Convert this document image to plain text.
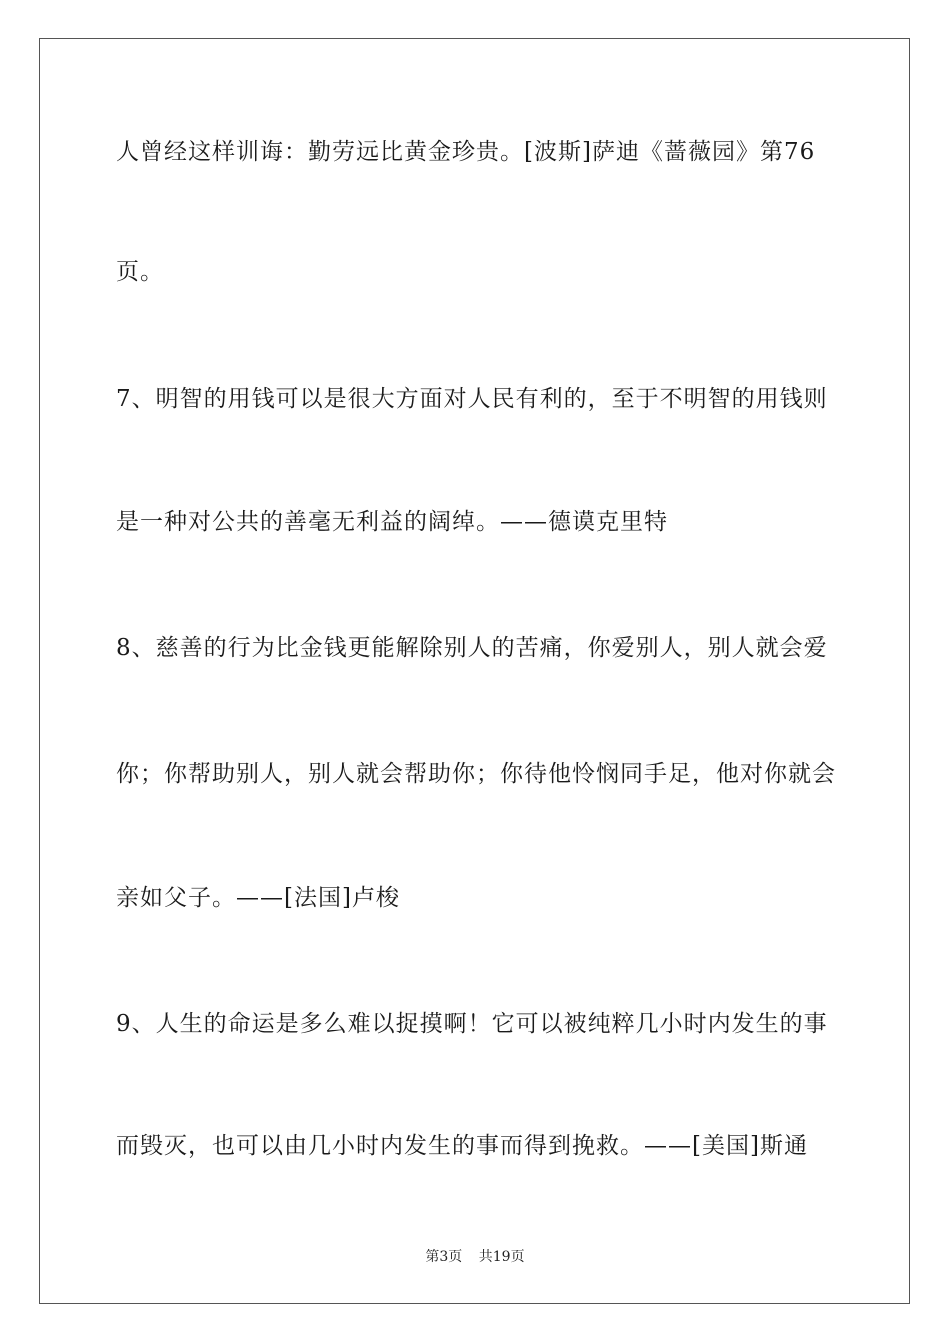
人曾经这样训诲：勤劳远比黄金珍贵。[波斯]萨迪《蔷薇园》第76
页。
7、明智的用钱可以是很大方面对人民有利的，至于不明智的用钱则
是一种对公共的善毫无利益的阔绰。——德谟克里特
8、慈善的行为比金钱更能解除别人的苦痛，你爱别人，别人就会爱
你；你帮助别人，别人就会帮助你；你待他怜悯同手足，他对你就会
亲如父子。——[法国]卢梭
9、人生的命运是多么难以捉摸啊！它可以被纯粹几小时内发生的事
而毁灭，也可以由几小时内发生的事而得到挽救。——[美国]斯通
第3页 共19页
